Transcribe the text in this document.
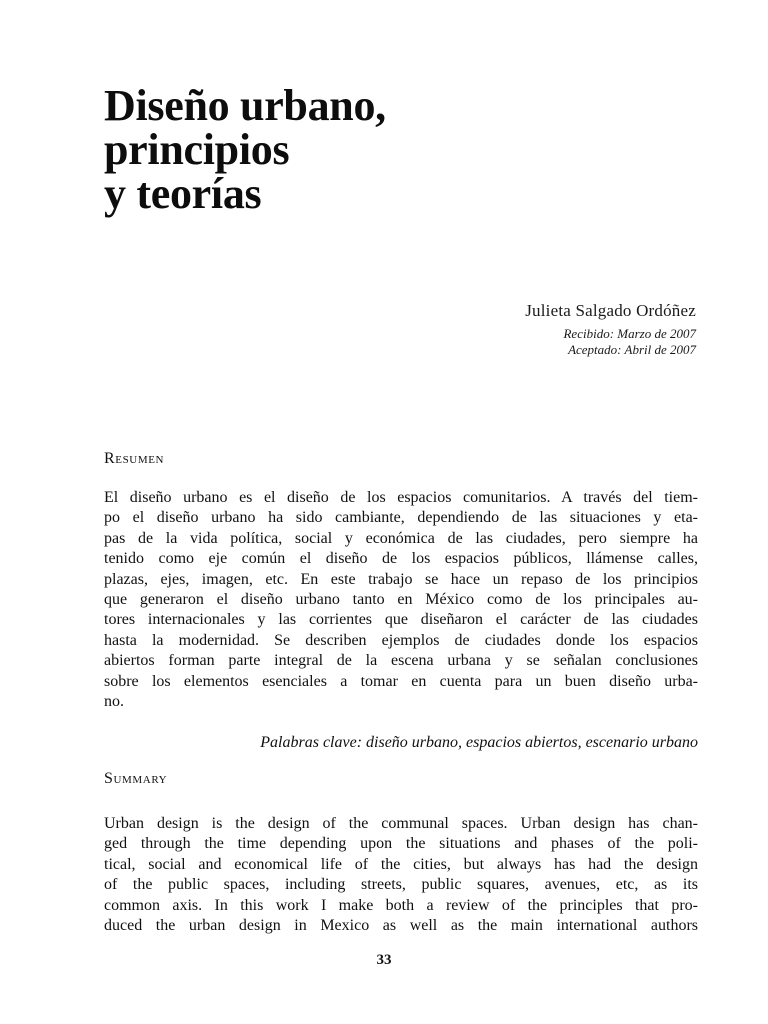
Diseño urbano,
principios
y teorías
Julieta Salgado Ordóñez
Recibido: Marzo de 2007
Aceptado: Abril de 2007
Resumen
El diseño urbano es el diseño de los espacios comunitarios. A través del tiem-
po el diseño urbano ha sido cambiante, dependiendo de las situaciones y eta-
pas de la vida política, social y económica de las ciudades, pero siempre ha
tenido como eje común el diseño de los espacios públicos, llámense calles,
plazas, ejes, imagen, etc. En este trabajo se hace un repaso de los principios
que generaron el diseño urbano tanto en México como de los principales au-
tores internacionales y las corrientes que diseñaron el carácter de las ciudades
hasta la modernidad. Se describen ejemplos de ciudades donde los espacios
abiertos forman parte integral de la escena urbana y se señalan conclusiones
sobre los elementos esenciales a tomar en cuenta para un buen diseño urba-
no.

Palabras clave: diseño urbano, espacios abiertos, escenario urbano

Summary
Urban design is the design of the communal spaces. Urban design has chan-
ged through the time depending upon the situations and phases of the poli-
tical, social and economical life of the cities, but always has had the design
of the public spaces, including streets, public squares, avenues, etc, as its
common axis. In this work I make both a review of the principles that pro-
duced the urban design in Mexico as well as the main international authors
33
